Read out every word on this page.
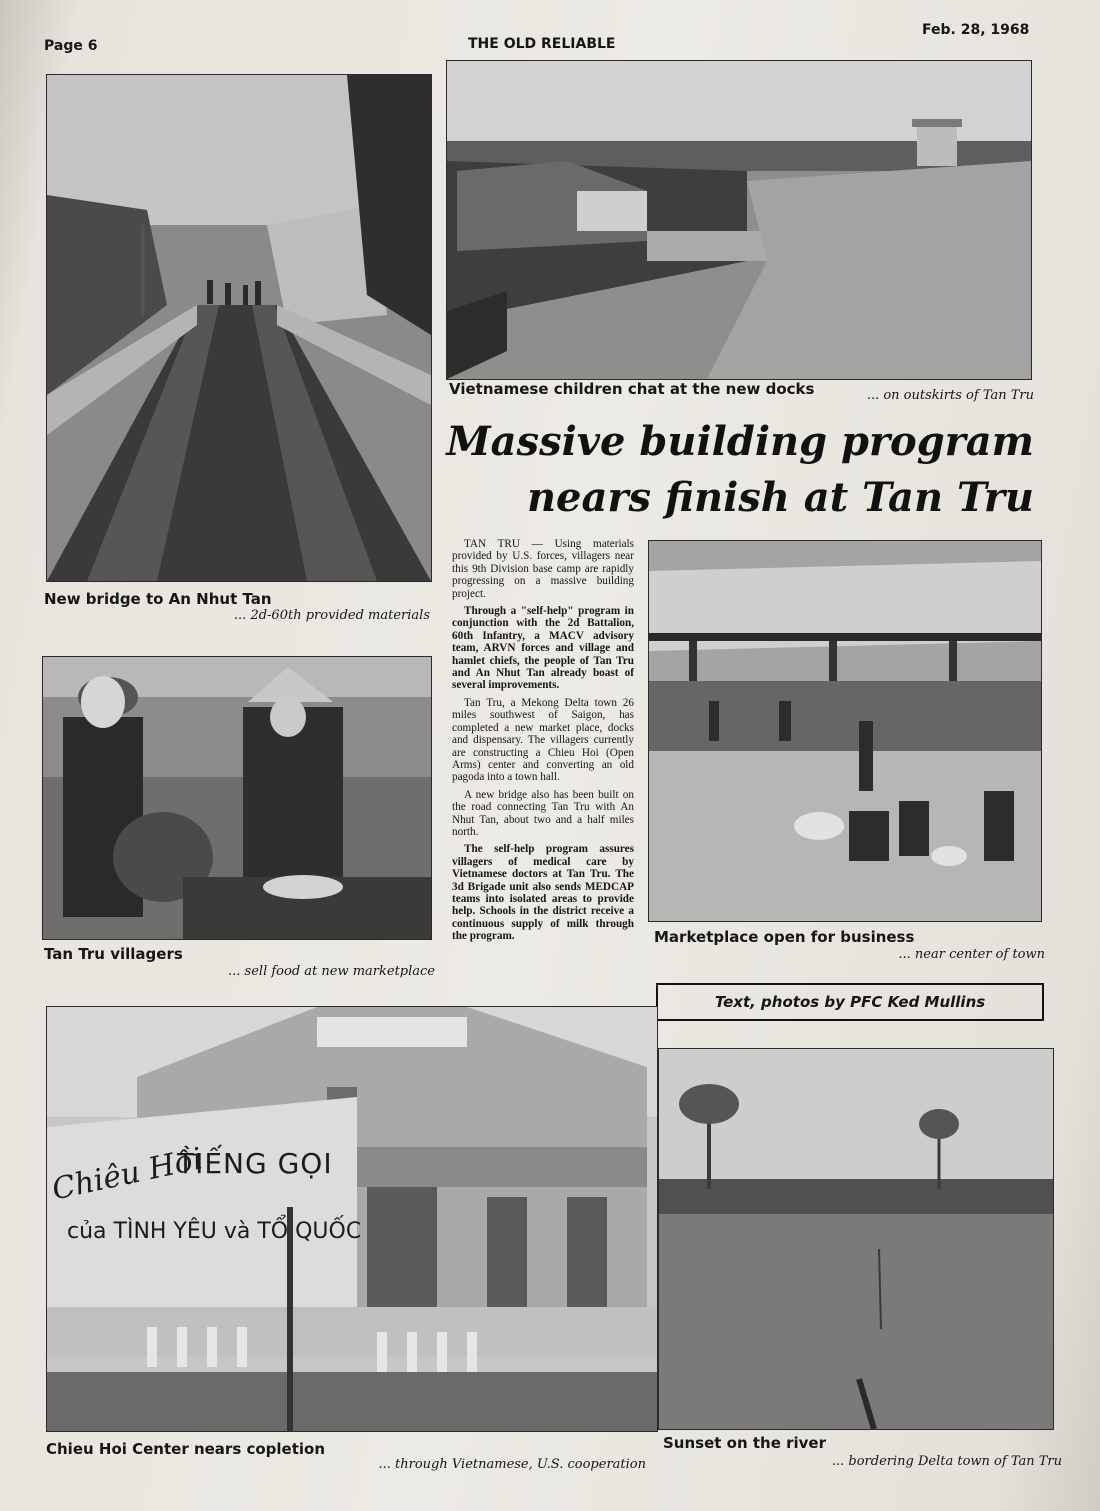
Page 6	THE OLD RELIABLE
Feb. 28, 1968
New bridge to An Nhut Tan
... 2d-60th provided materials
Vietnamese children chat at the new docks	... on outskirts of Tan Tru
Massive building program
nears finish at Tan Tru

TAN TRU — Using materials provided by U.S. forces, villagers near this 9th Division base camp are rapidly progressing on a massive building project.

Through a "self-help" program in conjunction with the 2d Battalion, 60th Infantry, a MACV advisory team, ARVN forces and village and hamlet chiefs, the people of Tan Tru and An Nhut Tan already boast of several improvements.

Tan Tru, a Mekong Delta town 26 miles southwest of Saigon, has completed a new market place, docks and dispensary. The villagers currently are constructing a Chieu Hoi (Open Arms) center and converting an old pagoda into a town hall.

A new bridge also has been built on the road connecting Tan Tru with An Nhut Tan, about two and a half miles north.

The self-help program assures villagers of medical care by Vietnamese doctors at Tan Tru. The 3d Brigade unit also sends MEDCAP teams into isolated areas to provide help. Schools in the district receive a continuous supply of milk through the program.

Tan Tru villagers
... sell food at new marketplace
Marketplace open for business
... near center of town
Text, photos by PFC Ked Mullins
Chiêu Hồi
TIẾNG GỌI
của TÌNH YÊU và TỔ QUỐC
Chieu Hoi Center nears copletion
... through Vietnamese, U.S. cooperation
Sunset on the river
... bordering Delta town of Tan Tru
